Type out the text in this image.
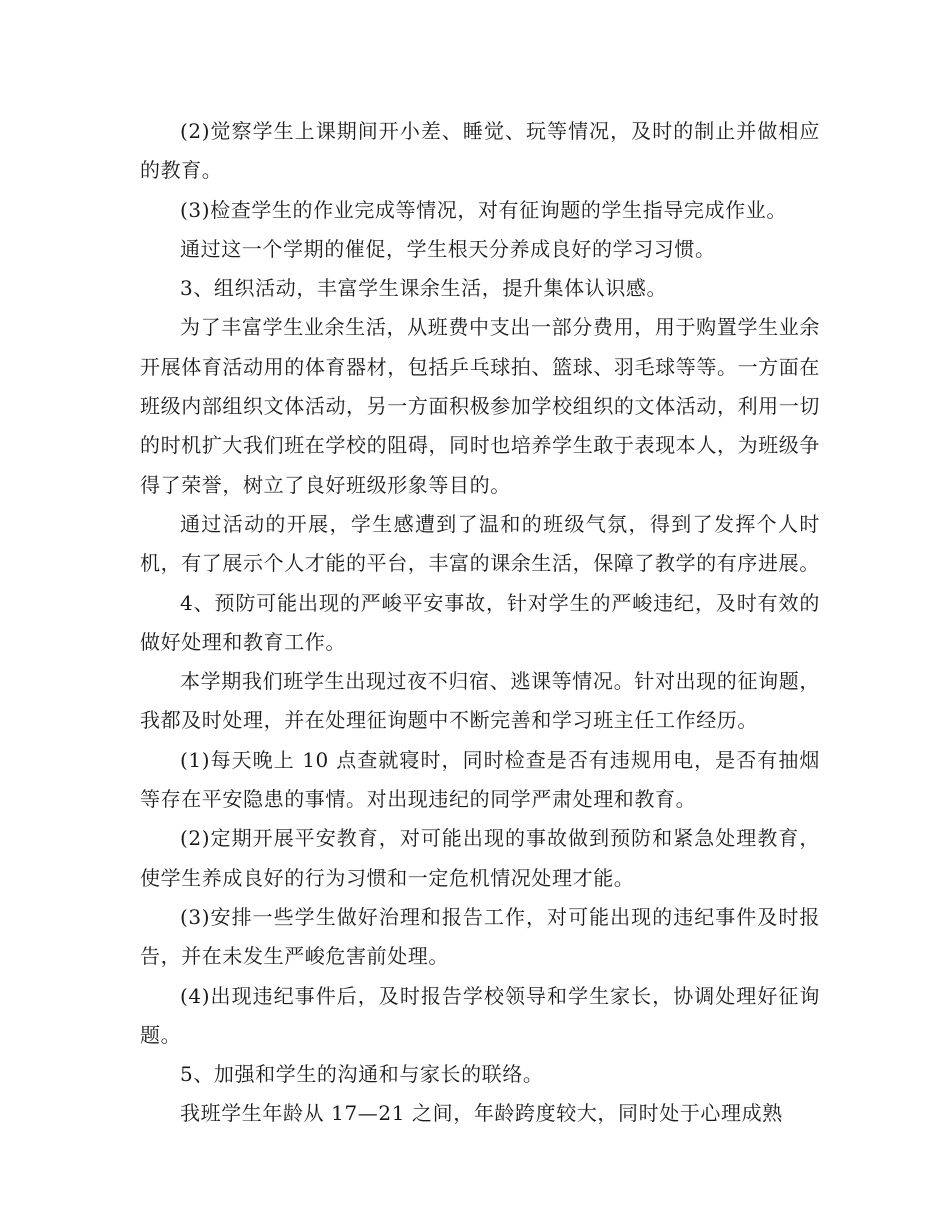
(2)觉察学生上课期间开小差、睡觉、玩等情况，及时的制止并做相应的教育。

(3)检查学生的作业完成等情况，对有征询题的学生指导完成作业。

通过这一个学期的催促，学生根天分养成良好的学习习惯。

3、组织活动，丰富学生课余生活，提升集体认识感。

为了丰富学生业余生活，从班费中支出一部分费用，用于购置学生业余开展体育活动用的体育器材，包括乒乓球拍、篮球、羽毛球等等。一方面在班级内部组织文体活动，另一方面积极参加学校组织的文体活动，利用一切的时机扩大我们班在学校的阻碍，同时也培养学生敢于表现本人，为班级争得了荣誉，树立了良好班级形象等目的。

通过活动的开展，学生感遭到了温和的班级气氛，得到了发挥个人时机，有了展示个人才能的平台，丰富的课余生活，保障了教学的有序进展。

4、预防可能出现的严峻平安事故，针对学生的严峻违纪，及时有效的做好处理和教育工作。

本学期我们班学生出现过夜不归宿、逃课等情况。针对出现的征询题，我都及时处理，并在处理征询题中不断完善和学习班主任工作经历。

(1)每天晚上 10 点查就寝时，同时检查是否有违规用电，是否有抽烟等存在平安隐患的事情。对出现违纪的同学严肃处理和教育。

(2)定期开展平安教育，对可能出现的事故做到预防和紧急处理教育，使学生养成良好的行为习惯和一定危机情况处理才能。

(3)安排一些学生做好治理和报告工作，对可能出现的违纪事件及时报告，并在未发生严峻危害前处理。

(4)出现违纪事件后，及时报告学校领导和学生家长，协调处理好征询题。

5、加强和学生的沟通和与家长的联络。

我班学生年龄从 17—21 之间，年龄跨度较大，同时处于心理成熟
